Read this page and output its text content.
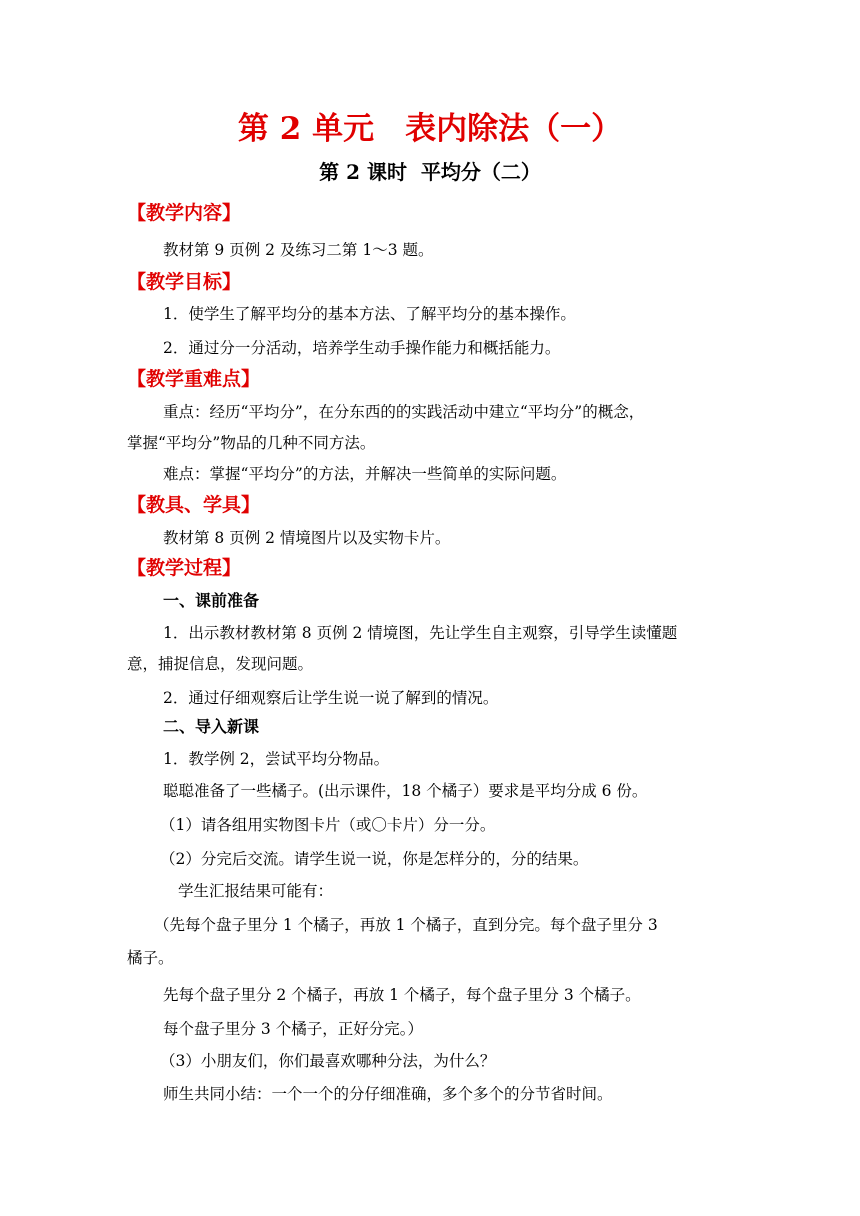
第 2 单元　表内除法（一）
第 2 课时  平均分（二）
【教学内容】
教材第 9 页例 2 及练习二第 1～3 题。
【教学目标】
1．使学生了解平均分的基本方法、了解平均分的基本操作。
2．通过分一分活动，培养学生动手操作能力和概括能力。
【教学重难点】
重点：经历“平均分”，在分东西的的实践活动中建立“平均分”的概念，
掌握“平均分”物品的几种不同方法。
难点：掌握“平均分”的方法，并解决一些简单的实际问题。
【教具、学具】
教材第 8 页例 2 情境图片以及实物卡片。
【教学过程】
一、课前准备
1．出示教材教材第 8 页例 2 情境图，先让学生自主观察，引导学生读懂题
意，捕捉信息，发现问题。
2．通过仔细观察后让学生说一说了解到的情况。
二、导入新课
1．教学例 2，尝试平均分物品。
聪聪准备了一些橘子。(出示课件，18 个橘子）要求是平均分成 6 份。
（1）请各组用实物图卡片（或〇卡片）分一分。
（2）分完后交流。请学生说一说，你是怎样分的，分的结果。
学生汇报结果可能有：
（先每个盘子里分 1 个橘子，再放 1 个橘子，直到分完。每个盘子里分 3
橘子。
先每个盘子里分 2 个橘子，再放 1 个橘子，每个盘子里分 3 个橘子。
每个盘子里分 3 个橘子，正好分完。）
（3）小朋友们，你们最喜欢哪种分法，为什么？
师生共同小结：一个一个的分仔细准确，多个多个的分节省时间。
